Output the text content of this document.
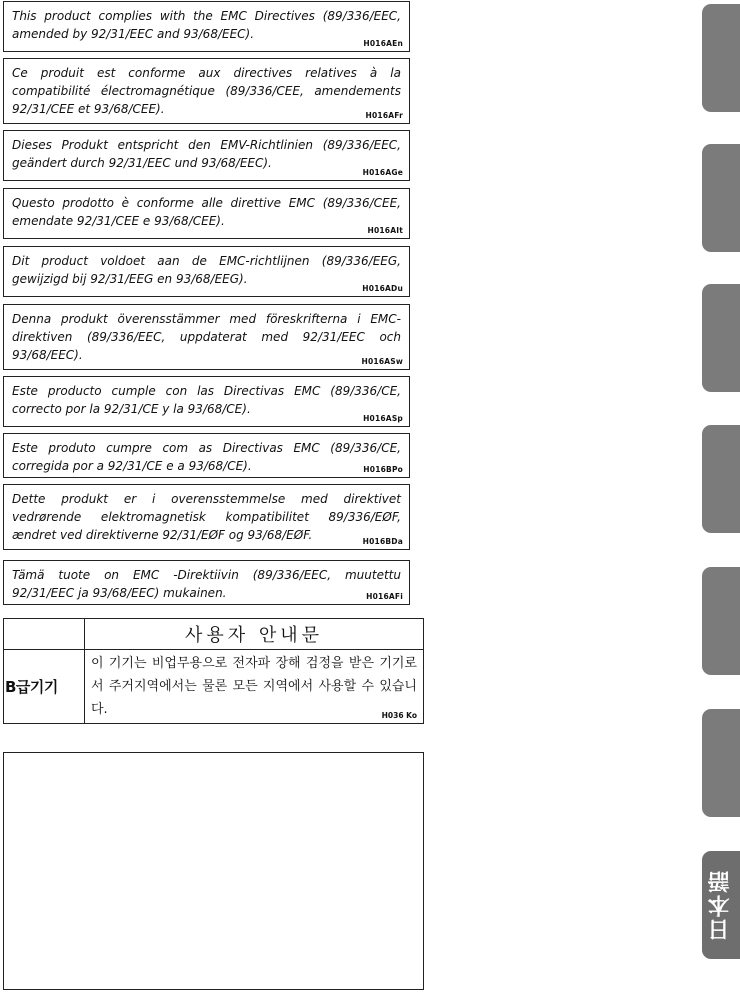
This product complies with the EMC Directives (89/336/EEC, amended by 92/31/EEC and 93/68/EEC).

H016AEn

Ce produit est conforme aux directives relatives à la compatibilité électromagnétique (89/336/CEE, amendements 92/31/CEE et 93/68/CEE).	H016AFr

Dieses Produkt entspricht den EMV-Richtlinien (89/336/EEC, geändert durch 92/31/EEC und 93/68/EEC).

H016AGe

Questo prodotto è conforme alle direttive EMC (89/336/CEE, emendate 92/31/CEE e 93/68/CEE).

H016AIt

Dit product voldoet aan de EMC-richtlijnen (89/336/EEG, gewijzigd bij 92/31/EEG en 93/68/EEG).

H016ADu

Denna produkt överensstämmer med föreskrifterna i EMC-direktiven (89/336/EEC, uppdaterat med 92/31/EEC och 93/68/EEC).	H016ASw

Este producto cumple con las Directivas EMC (89/336/CE, correcto por la 92/31/CE y la 93/68/CE).

H016ASp

Este produto cumpre com as Directivas EMC (89/336/CE, corregida por a 92/31/CE e a 93/68/CE).	H016BPo

Dette produkt er i overensstemmelse med direktivet vedrørende elektromagnetisk kompatibilitet 89/336/EØF, ændret ved direktiverne 92/31/EØF og 93/68/EØF.	H016BDa

Tämä tuote on EMC -Direktiivin (89/336/EEC, muutettu 92/31/EEC ja 93/68/EEC) mukainen.	H016AFi
	사용자 안내문
B급기기	이 기기는 비업무용으로 전자파 장해 검정을 받은 기기로서 주거지역에서는 물론 모든 지역에서 사용할 수 있습니다. H036 Ko
日本語
